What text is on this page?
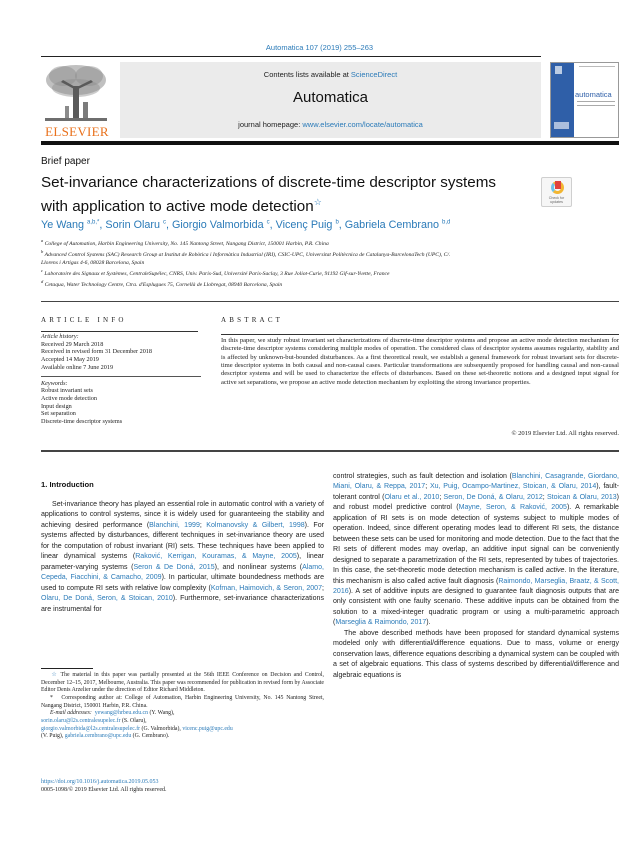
Automatica 107 (2019) 255–263
ELSEVIER
Contents lists available at ScienceDirect
Automatica
journal homepage: www.elsevier.com/locate/automatica
automatica
Brief paper
Set-invariance characterizations of discrete-time descriptor systems
with application to active mode detection☆	Check for updates
Ye Wang $^{a,b,*}$, Sorin Olaru $^c$, Giorgio Valmorbida $^c$, Vicenç Puig $^b$, Gabriela Cembrano $^{b,d}$
$^a$ College of Automation, Harbin Engineering University, No. 145 Nantong Street, Nangang District, 150001 Harbin, P.R. China
$^b$ Advanced Control Systems (SAC) Research Group at Institut de Robòtica i Informàtica Industrial (IRI), CSIC-UPC, Universitat Politècnica de Catalunya-BarcelonaTech (UPC), C/. Llorens i Artigas 4-6, 08028 Barcelona, Spain
$^c$ Laboratoire des Signaux et Systèmes, CentraleSupélec, CNRS, Univ. Paris-Sud, Université Paris-Saclay, 3 Rue Joliot-Curie, 91192 Gif-sur-Yvette, France
$^d$ Cetaqua, Water Technology Centre, Ctra. d'Esplugues 75, Cornellà de Llobregat, 08940 Barcelona, Spain
ARTICLE INFO	ABSTRACT
Article history:
Received 29 March 2018
Received in revised form 31 December 2018
Accepted 14 May 2019
Available online 7 June 2019
Keywords:
Robust invariant sets
Active mode detection
Input design
Set separation
Discrete-time descriptor systems
In this paper, we study robust invariant set characterizations of discrete-time descriptor systems and propose an active mode detection mechanism for discrete-time descriptor systems considering multiple modes of operation. The considered class of descriptor systems assumes regularity, stability and is affected by unknown-but-bounded disturbances. As a first theoretical result, we establish a general framework for robust invariant sets for discrete-time descriptor systems in both causal and non-causal cases. Particular transformations are subsequently proposed for handling causal and non-causal descriptor systems and will be used to characterize the effects of disturbances. Based on these set-theoretic notions and a designed input signal for active set separations, we propose an active mode detection mechanism by exploiting the strong invariance properties.
© 2019 Elsevier Ltd. All rights reserved.
1. Introduction
Set-invariance theory has played an essential role in automatic control with a variety of applications to control systems, since it is widely used for guaranteeing the stability and achieving desired performance (Blanchini, 1999; Kolmanovsky & Gilbert, 1998). For systems affected by disturbances, different techniques in set-invariance theory are used for the computation of robust invariant (RI) sets. These techniques have been applied to linear dynamical systems (Raković, Kerrigan, Kouramas, & Mayne, 2005), linear parameter-varying systems (Seron & De Doná, 2015), and nonlinear systems (Alamo, Cepeda, Fiacchini, & Camacho, 2009). In particular, ultimate boundedness methods are used to compute RI sets with relative low complexity (Kofman, Haimovich, & Seron, 2007; Olaru, De Doná, Seron, & Stoican, 2010). Furthermore, set-invariance characterizations are instrumental for
☆ The material in this paper was partially presented at the 56th IEEE Conference on Decision and Control, December 12–15, 2017, Melbourne, Australia. This paper was recommended for publication in revised form by Associate Editor Denis Arzelier under the direction of Editor Richard Middleton.
* Corresponding author at: College of Automation, Harbin Engineering University, No. 145 Nantong Street, Nangang District, 150001 Harbin, P.R. China.
E-mail addresses: yewang@hrbeu.edu.cn (Y. Wang),
sorin.olaru@l2s.centralesupelec.fr (S. Olaru),
giorgio.valmorbida@l2s.centralesupelec.fr (G. Valmorbida), vicenc.puig@upc.edu
(V. Puig), gabriela.cembrano@upc.edu (G. Cembrano).
https://doi.org/10.1016/j.automatica.2019.05.053
0005-1098/© 2019 Elsevier Ltd. All rights reserved.
control strategies, such as fault detection and isolation (Blanchini, Casagrande, Giordano, Miani, Olaru, & Reppa, 2017; Xu, Puig, Ocampo-Martinez, Stoican, & Olaru, 2014), fault-tolerant control (Olaru et al., 2010; Seron, De Doná, & Olaru, 2012; Stoican & Olaru, 2013) and robust model predictive control (Mayne, Seron, & Raković, 2005). A remarkable application of RI sets is on mode detection of systems subject to multiple modes of operation. Indeed, since different operating modes lead to different RI sets, the distance between these sets can be used for monitoring and mode detection. Due to the fact that the RI sets of different modes may overlap, an additive input signal can be conveniently designed to separate a parametrization of the RI sets, represented by tubes of trajectories. In this case, the set-theoretic mode detection mechanism is called active. In the literature, this mechanism is also called active fault diagnosis (Raimondo, Marseglia, Braatz, & Scott, 2016). A set of additive inputs are designed to guarantee fault diagnosis outputs that are only consistent with one faulty scenario. These additive inputs can be obtained from the solution to a mixed-integer quadratic program or using a multi-parametric approach (Marseglia & Raimondo, 2017).
The above described methods have been proposed for standard dynamical systems modeled only with differential/difference equations. Due to mass, volume or energy conservation laws, difference equations describing a dynamical system can be coupled with a set of algebraic equations. This class of systems described by differential/difference and algebraic equations is
